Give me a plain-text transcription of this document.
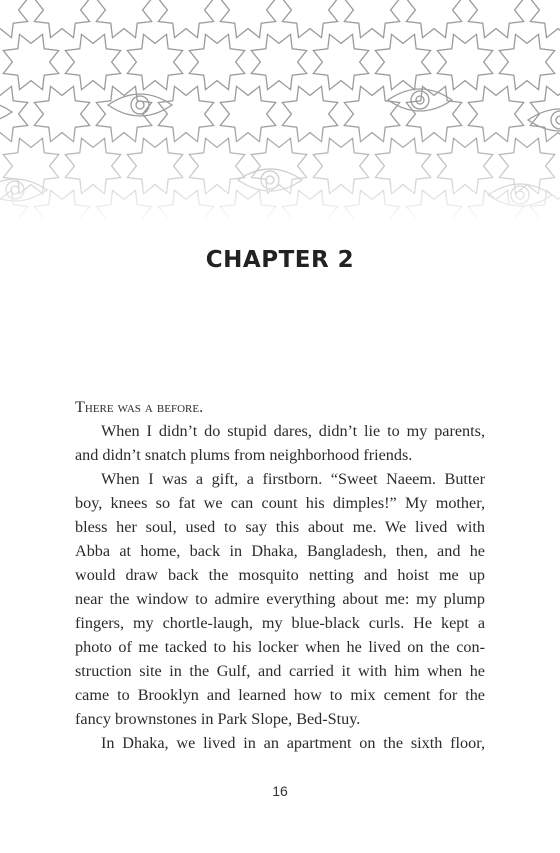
CHAPTER 2

There was a before.

When I didn’t do stupid dares, didn’t lie to my parents,
and didn’t snatch plums from neighborhood friends.

When I was a gift, a firstborn. “Sweet Naeem. Butter
boy, knees so fat we can count his dimples!” My mother,
bless her soul, used to say this about me. We lived with
Abba at home, back in Dhaka, Bangladesh, then, and he
would draw back the mosquito netting and hoist me up
near the window to admire everything about me: my plump
fingers, my chortle-laugh, my blue-black curls. He kept a
photo of me tacked to his locker when he lived on the con-
struction site in the Gulf, and carried it with him when he
came to Brooklyn and learned how to mix cement for the
fancy brownstones in Park Slope, Bed-Stuy.

In Dhaka, we lived in an apartment on the sixth floor,

16
